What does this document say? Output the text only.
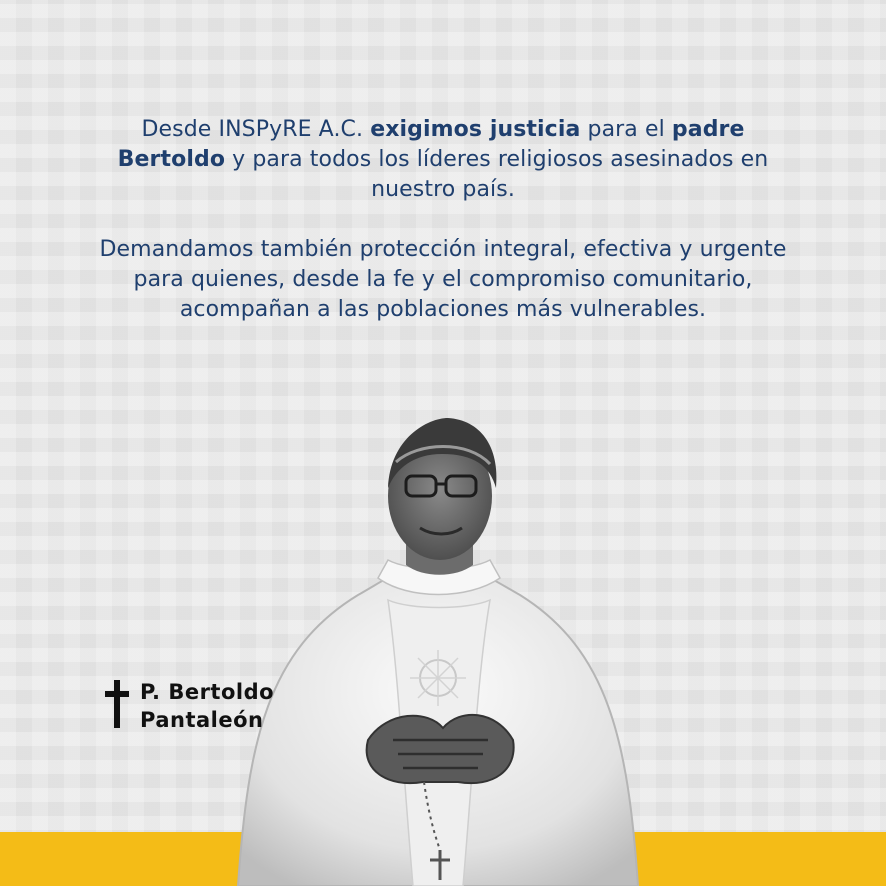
Desde INSPyRE A.C. exigimos justicia para el padre Bertoldo y para todos los líderes religiosos asesinados en nuestro país.

Demandamos también protección integral, efectiva y urgente para quienes, desde la fe y el compromiso comunitario, acompañan a las poblaciones más vulnerables.

P. Bertoldo
Pantaleón
